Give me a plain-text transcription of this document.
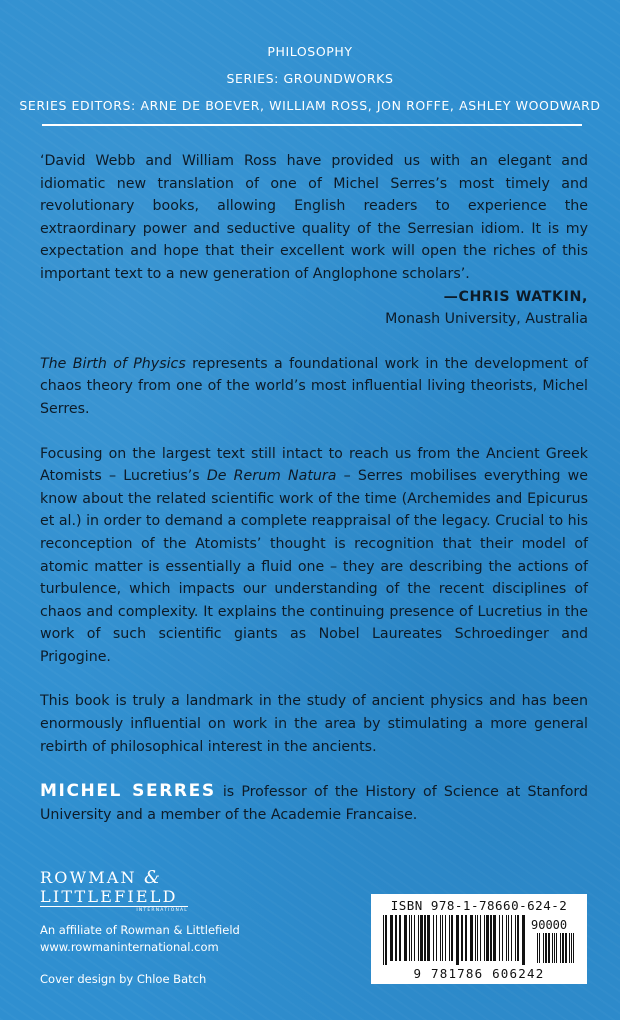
PHILOSOPHY
SERIES: GROUNDWORKS
SERIES EDITORS: ARNE DE BOEVER, WILLIAM ROSS, JON ROFFE, ASHLEY WOODWARD

‘David Webb and William Ross have provided us with an elegant and idiomatic new translation of one of Michel Serres’s most timely and revolutionary books, allowing English readers to experience the extraordinary power and seductive quality of the Serresian idiom. It is my expectation and hope that their excellent work will open the riches of this important text to a new generation of Anglophone scholars’.

—CHRIS WATKIN,
Monash University, Australia

The Birth of Physics represents a foundational work in the development of chaos theory from one of the world’s most influential living theorists, Michel Serres.

Focusing on the largest text still intact to reach us from the Ancient Greek Atomists – Lucretius’s De Rerum Natura – Serres mobilises everything we know about the related scientific work of the time (Archemides and Epicurus et al.) in order to demand a complete reappraisal of the legacy. Crucial to his reconception of the Atomists’ thought is recognition that their model of atomic matter is essentially a fluid one – they are describing the actions of turbulence, which impacts our understanding of the recent disciplines of chaos and complexity. It explains the continuing presence of Lucretius in the work of such scientific giants as Nobel Laureates Schroedinger and Prigogine.

This book is truly a landmark in the study of ancient physics and has been enormously influential on work in the area by stimulating a more general rebirth of philosophical interest in the ancients.

MICHEL SERRES is Professor of the History of Science at Stanford University and a member of the Academie Francaise.

ROWMAN &
LITTLEFIELD
INTERNATIONAL
An affiliate of Rowman & Littlefield
www.rowmaninternational.com
Cover design by Chloe Batch
ISBN 978-1-78660-624-2
90000
9 781786 606242
